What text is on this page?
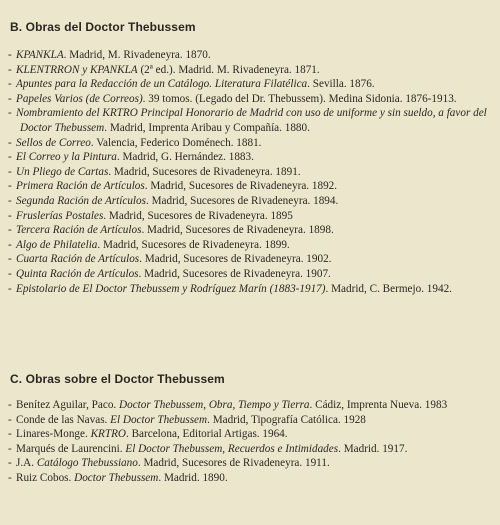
B. Obras del Doctor Thebussem
- KPANKLA. Madrid, M. Rivadeneyra. 1870.
- KLENTRRON y KPANKLA (2ª ed.). Madrid. M. Rivadeneyra. 1871.
- Apuntes para la Redacción de un Catálogo. Literatura Filatélica. Sevilla. 1876.
- Papeles Varios (de Correos). 39 tomos. (Legado del Dr. Thebussem). Medina Sidonia. 1876-1913.
- Nombramiento del KRTRO Principal Honorario de Madrid con uso de uniforme y sin sueldo, a favor del Doctor Thebussem. Madrid, Imprenta Aribau y Compañía. 1880.
- Sellos de Correo. Valencia, Federico Doménech. 1881.
- El Correo y la Pintura. Madrid, G. Hernández. 1883.
- Un Pliego de Cartas. Madrid, Sucesores de Rivadeneyra. 1891.
- Primera Ración de Artículos. Madrid, Sucesores de Rivadeneyra. 1892.
- Segunda Ración de Artículos. Madrid, Sucesores de Rivadeneyra. 1894.
- Fruslerías Postales. Madrid, Sucesores de Rivadeneyra. 1895
- Tercera Ración de Artículos. Madrid, Sucesores de Rivadeneyra. 1898.
- Algo de Philatelia. Madrid, Sucesores de Rivadeneyra. 1899.
- Cuarta Ración de Artículos. Madrid, Sucesores de Rivadeneyra. 1902.
- Quinta Ración de Artículos. Madrid, Sucesores de Rivadeneyra. 1907.
- Epistolario de El Doctor Thebussem y Rodríguez Marín (1883-1917). Madrid, C. Bermejo. 1942.
C. Obras sobre el Doctor Thebussem
- Benítez Aguilar, Paco. Doctor Thebussem, Obra, Tiempo y Tierra. Cádiz, Imprenta Nueva. 1983
- Conde de las Navas. El Doctor Thebussem. Madrid, Tipografía Católica. 1928
- Linares-Monge. KRTRO. Barcelona, Editorial Artigas. 1964.
- Marqués de Laurencini. El Doctor Thebussem, Recuerdos e Intimidades. Madrid. 1917.
- J.A. Catálogo Thebussiano. Madrid, Sucesores de Rivadeneyra. 1911.
- Ruiz Cobos. Doctor Thebussem. Madrid. 1890.
